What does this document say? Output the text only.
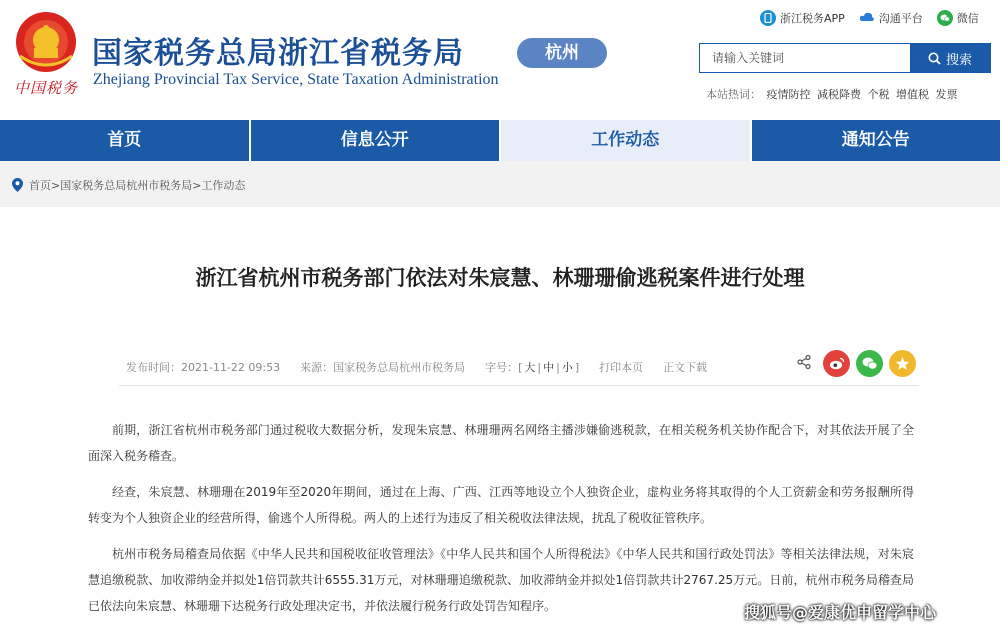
中国税务
国家税务总局浙江省税务局
Zhejiang Provincial Tax Service, State Taxation Administration
杭州
浙江税务APP	沟通平台	微信
请输入关键词
搜索
本站热词： 疫情防控 减税降费 个税 增值税 发票
首页	信息公开	工作动态	通知公告
首页>国家税务总局杭州市税务局>工作动态
浙江省杭州市税务部门依法对朱宸慧、林珊珊偷逃税案件进行处理
发布时间：2021-11-22 09:53 来源：国家税务总局杭州市税务局 字号：[ 大 | 中 | 小 ] 打印本页 正文下载

前期，浙江省杭州市税务部门通过税收大数据分析，发现朱宸慧、林珊珊两名网络主播涉嫌偷逃税款，在相关税务机关协作配合下，对其依法开展了全面深入税务稽查。

经查，朱宸慧、林珊珊在2019年至2020年期间，通过在上海、广西、江西等地设立个人独资企业，虚构业务将其取得的个人工资薪金和劳务报酬所得转变为个人独资企业的经营所得，偷逃个人所得税。两人的上述行为违反了相关税收法律法规，扰乱了税收征管秩序。

杭州市税务局稽查局依据《中华人民共和国税收征收管理法》《中华人民共和国个人所得税法》《中华人民共和国行政处罚法》等相关法律法规，对朱宸慧追缴税款、加收滞纳金并拟处1倍罚款共计6555.31万元，对林珊珊追缴税款、加收滞纳金并拟处1倍罚款共计2767.25万元。日前，杭州市税务局稽查局已依法向朱宸慧、林珊珊下达税务行政处理决定书，并依法履行税务行政处罚告知程序。	搜狐号@爱康优申留学中心
